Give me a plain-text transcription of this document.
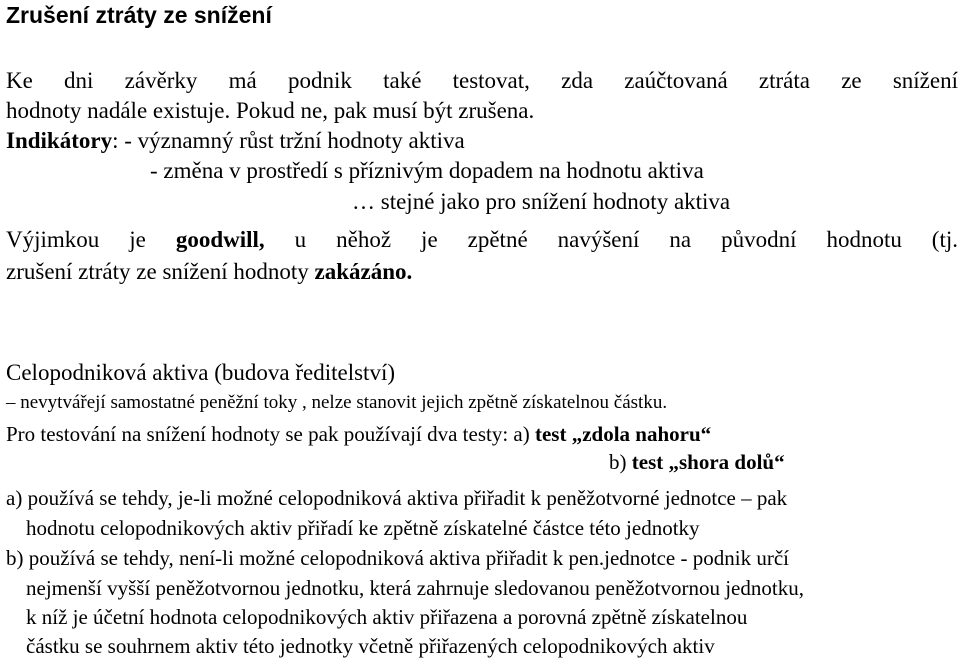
Zrušení ztráty ze snížení
Ke dni závěrky má podnik také testovat, zda zaúčtovaná ztráta ze snížení
hodnoty nadále existuje. Pokud ne, pak musí být zrušena.
Indikátory: - významný růst tržní hodnoty aktiva
- změna v prostředí s příznivým dopadem na hodnotu aktiva
… stejné jako pro snížení hodnoty aktiva
Výjimkou je goodwill, u něhož je zpětné navýšení na původní hodnotu (tj.
zrušení ztráty ze snížení hodnoty zakázáno.
Celopodniková aktiva (budova ředitelství)
– nevytvářejí samostatné peněžní toky , nelze stanovit jejich zpětně získatelnou částku.
Pro testování na snížení hodnoty se pak používají dva testy: a) test „zdola nahoru“
b) test „shora dolů“
a) používá se tehdy, je-li možné celopodniková aktiva přiřadit k peněžotvorné jednotce – pak
hodnotu celopodnikových aktiv přiřadí ke zpětně získatelné částce této jednotky
b) používá se tehdy, není-li možné celopodniková aktiva přiřadit k pen.jednotce - podnik určí
nejmenší vyšší peněžotvornou jednotku, která zahrnuje sledovanou peněžotvornou jednotku,
k níž je účetní hodnota celopodnikových aktiv přiřazena a porovná zpětně získatelnou
částku se souhrnem aktiv této jednotky včetně přiřazených celopodnikových aktiv
